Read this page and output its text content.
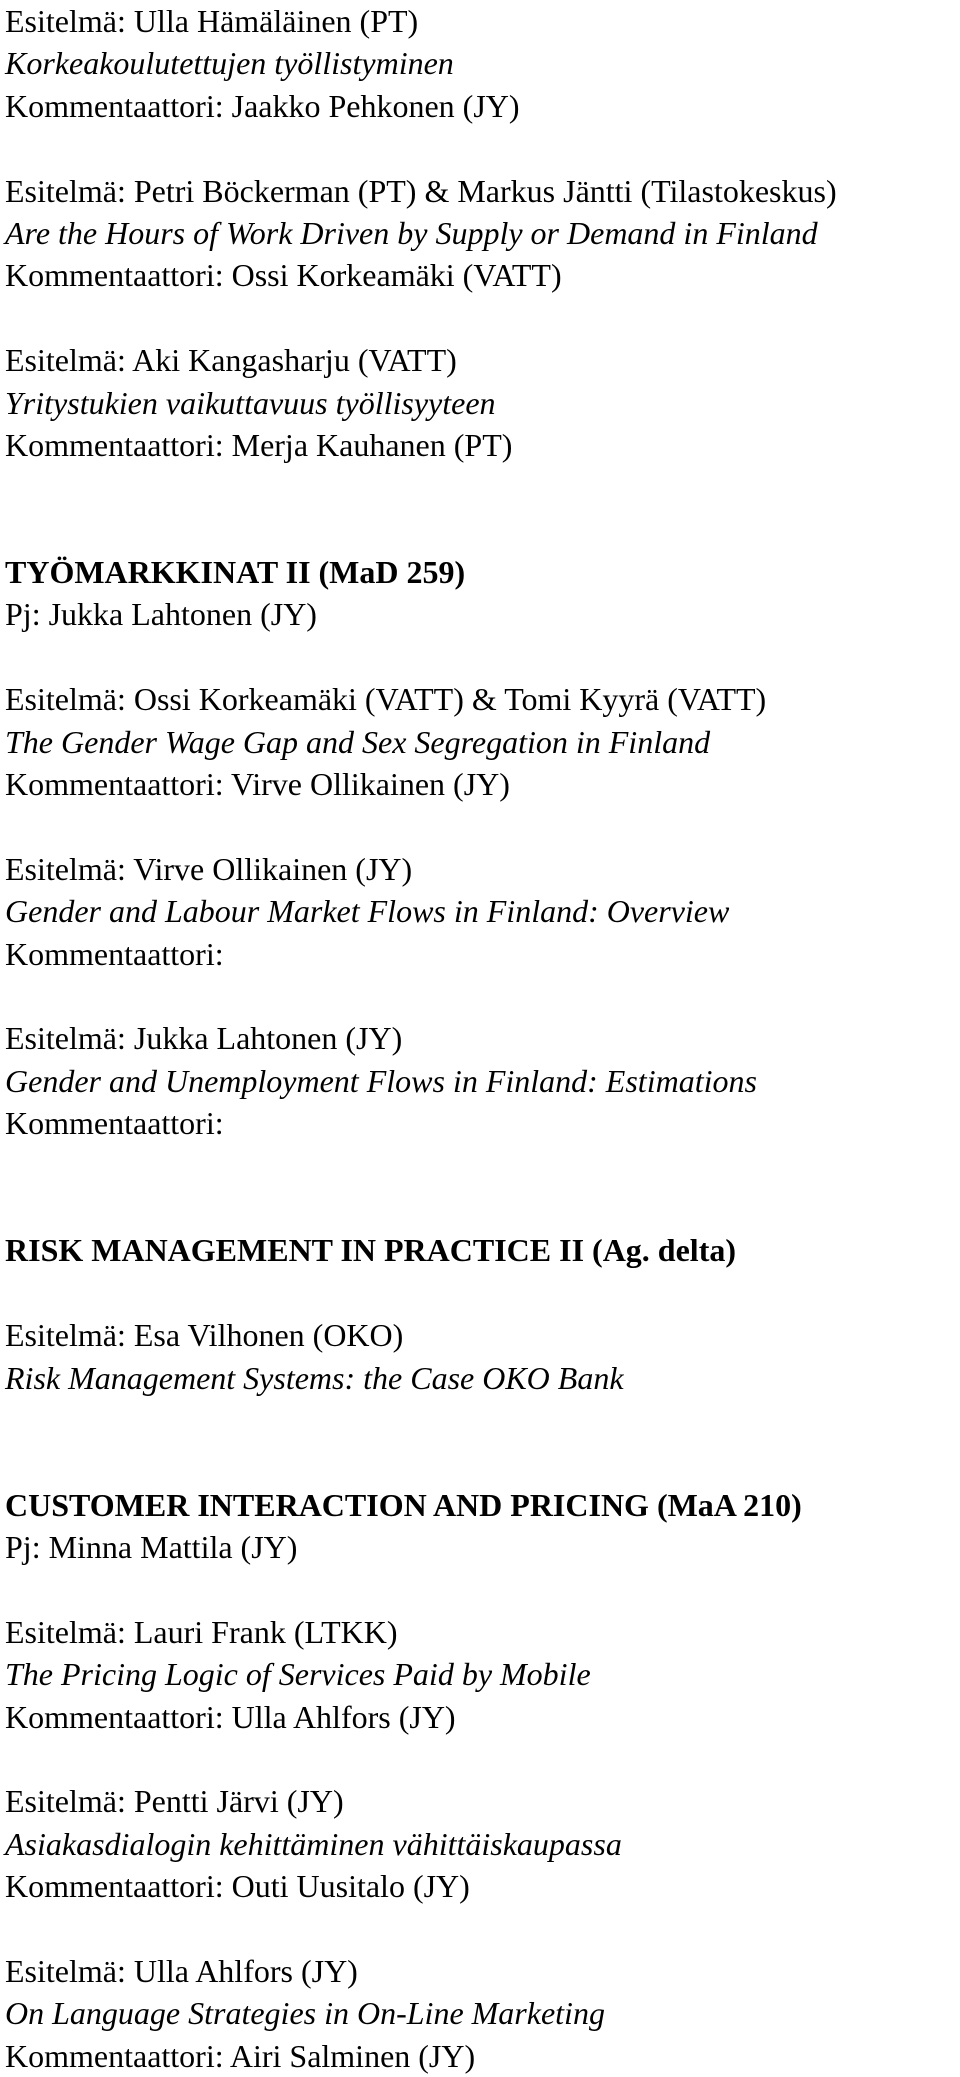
Esitelmä: Ulla Hämäläinen (PT)
Korkeakoulutettujen työllistyminen
Kommentaattori: Jaakko Pehkonen (JY)
Esitelmä: Petri Böckerman (PT) & Markus Jäntti (Tilastokeskus)
Are the Hours of Work Driven by Supply or Demand in Finland
Kommentaattori: Ossi Korkeamäki (VATT)
Esitelmä: Aki Kangasharju (VATT)
Yritystukien vaikuttavuus työllisyyteen
Kommentaattori: Merja Kauhanen (PT)
TYÖMARKKINAT II (MaD 259)
Pj: Jukka Lahtonen (JY)
Esitelmä: Ossi Korkeamäki (VATT) & Tomi Kyyrä (VATT)
The Gender Wage Gap and Sex Segregation in Finland
Kommentaattori: Virve Ollikainen (JY)
Esitelmä: Virve Ollikainen (JY)
Gender and Labour Market Flows in Finland: Overview
Kommentaattori:
Esitelmä: Jukka Lahtonen (JY)
Gender and Unemployment Flows in Finland: Estimations
Kommentaattori:
RISK MANAGEMENT IN PRACTICE II (Ag. delta)
Esitelmä: Esa Vilhonen (OKO)
Risk Management Systems: the Case OKO Bank
CUSTOMER INTERACTION AND PRICING (MaA 210)
Pj: Minna Mattila (JY)
Esitelmä: Lauri Frank (LTKK)
The Pricing Logic of Services Paid by Mobile
Kommentaattori: Ulla Ahlfors (JY)
Esitelmä: Pentti Järvi (JY)
Asiakasdialogin kehittäminen vähittäiskaupassa
Kommentaattori: Outi Uusitalo (JY)
Esitelmä: Ulla Ahlfors (JY)
On Language Strategies in On-Line Marketing
Kommentaattori: Airi Salminen (JY)
